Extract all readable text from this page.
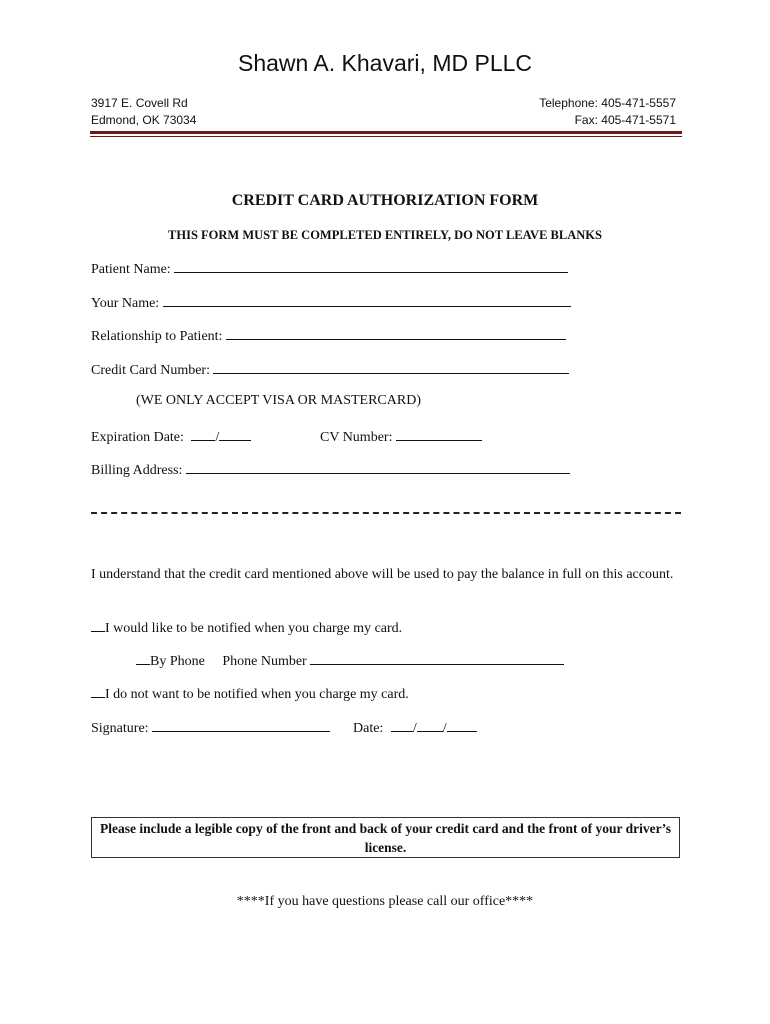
Shawn A. Khavari, MD PLLC
3917 E. Covell Rd
Edmond, OK 73034
Telephone: 405-471-5557
Fax: 405-471-5571
CREDIT CARD AUTHORIZATION FORM
THIS FORM MUST BE COMPLETED ENTIRELY, DO NOT LEAVE BLANKS
Patient Name:
Your Name:
Relationship to Patient:
Credit Card Number:
(WE ONLY ACCEPT VISA OR MASTERCARD)
Expiration Date: /	CV Number:
Billing Address:
I understand that the credit card mentioned above will be used to pay the balance in full on this account.
I would like to be notified when you charge my card.
By Phone Phone Number
I do not want to be notified when you charge my card.
Signature:	Date: / /
Please include a legible copy of the front and back of your credit card and the front of your driver’s license.
****If you have questions please call our office****
